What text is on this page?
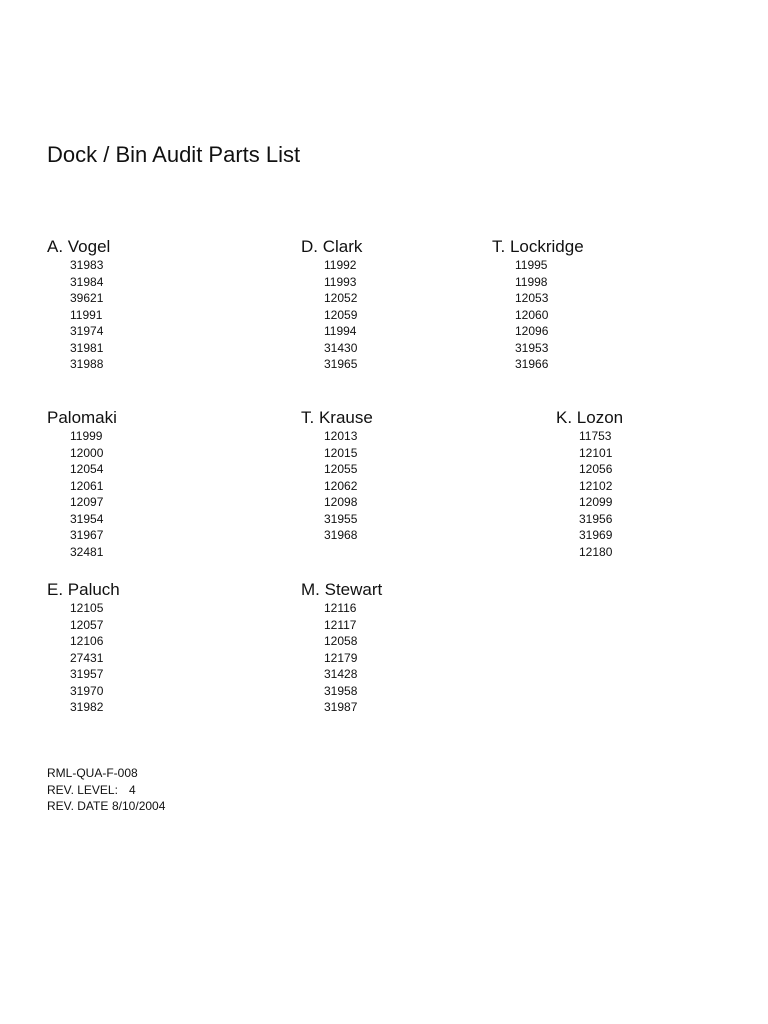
Dock / Bin Audit Parts List
A. Vogel
31983
31984
39621
11991
31974
31981
31988
D. Clark
11992
11993
12052
12059
11994
31430
31965
T. Lockridge
11995
11998
12053
12060
12096
31953
31966
Palomaki
11999
12000
12054
12061
12097
31954
31967
32481
T. Krause
12013
12015
12055
12062
12098
31955
31968
K. Lozon
11753
12101
12056
12102
12099
31956
31969
12180
E. Paluch
12105
12057
12106
27431
31957
31970
31982
M. Stewart
12116
12117
12058
12179
31428
31958
31987
RML-QUA-F-008
REV. LEVEL: 4
REV. DATE 8/10/2004
